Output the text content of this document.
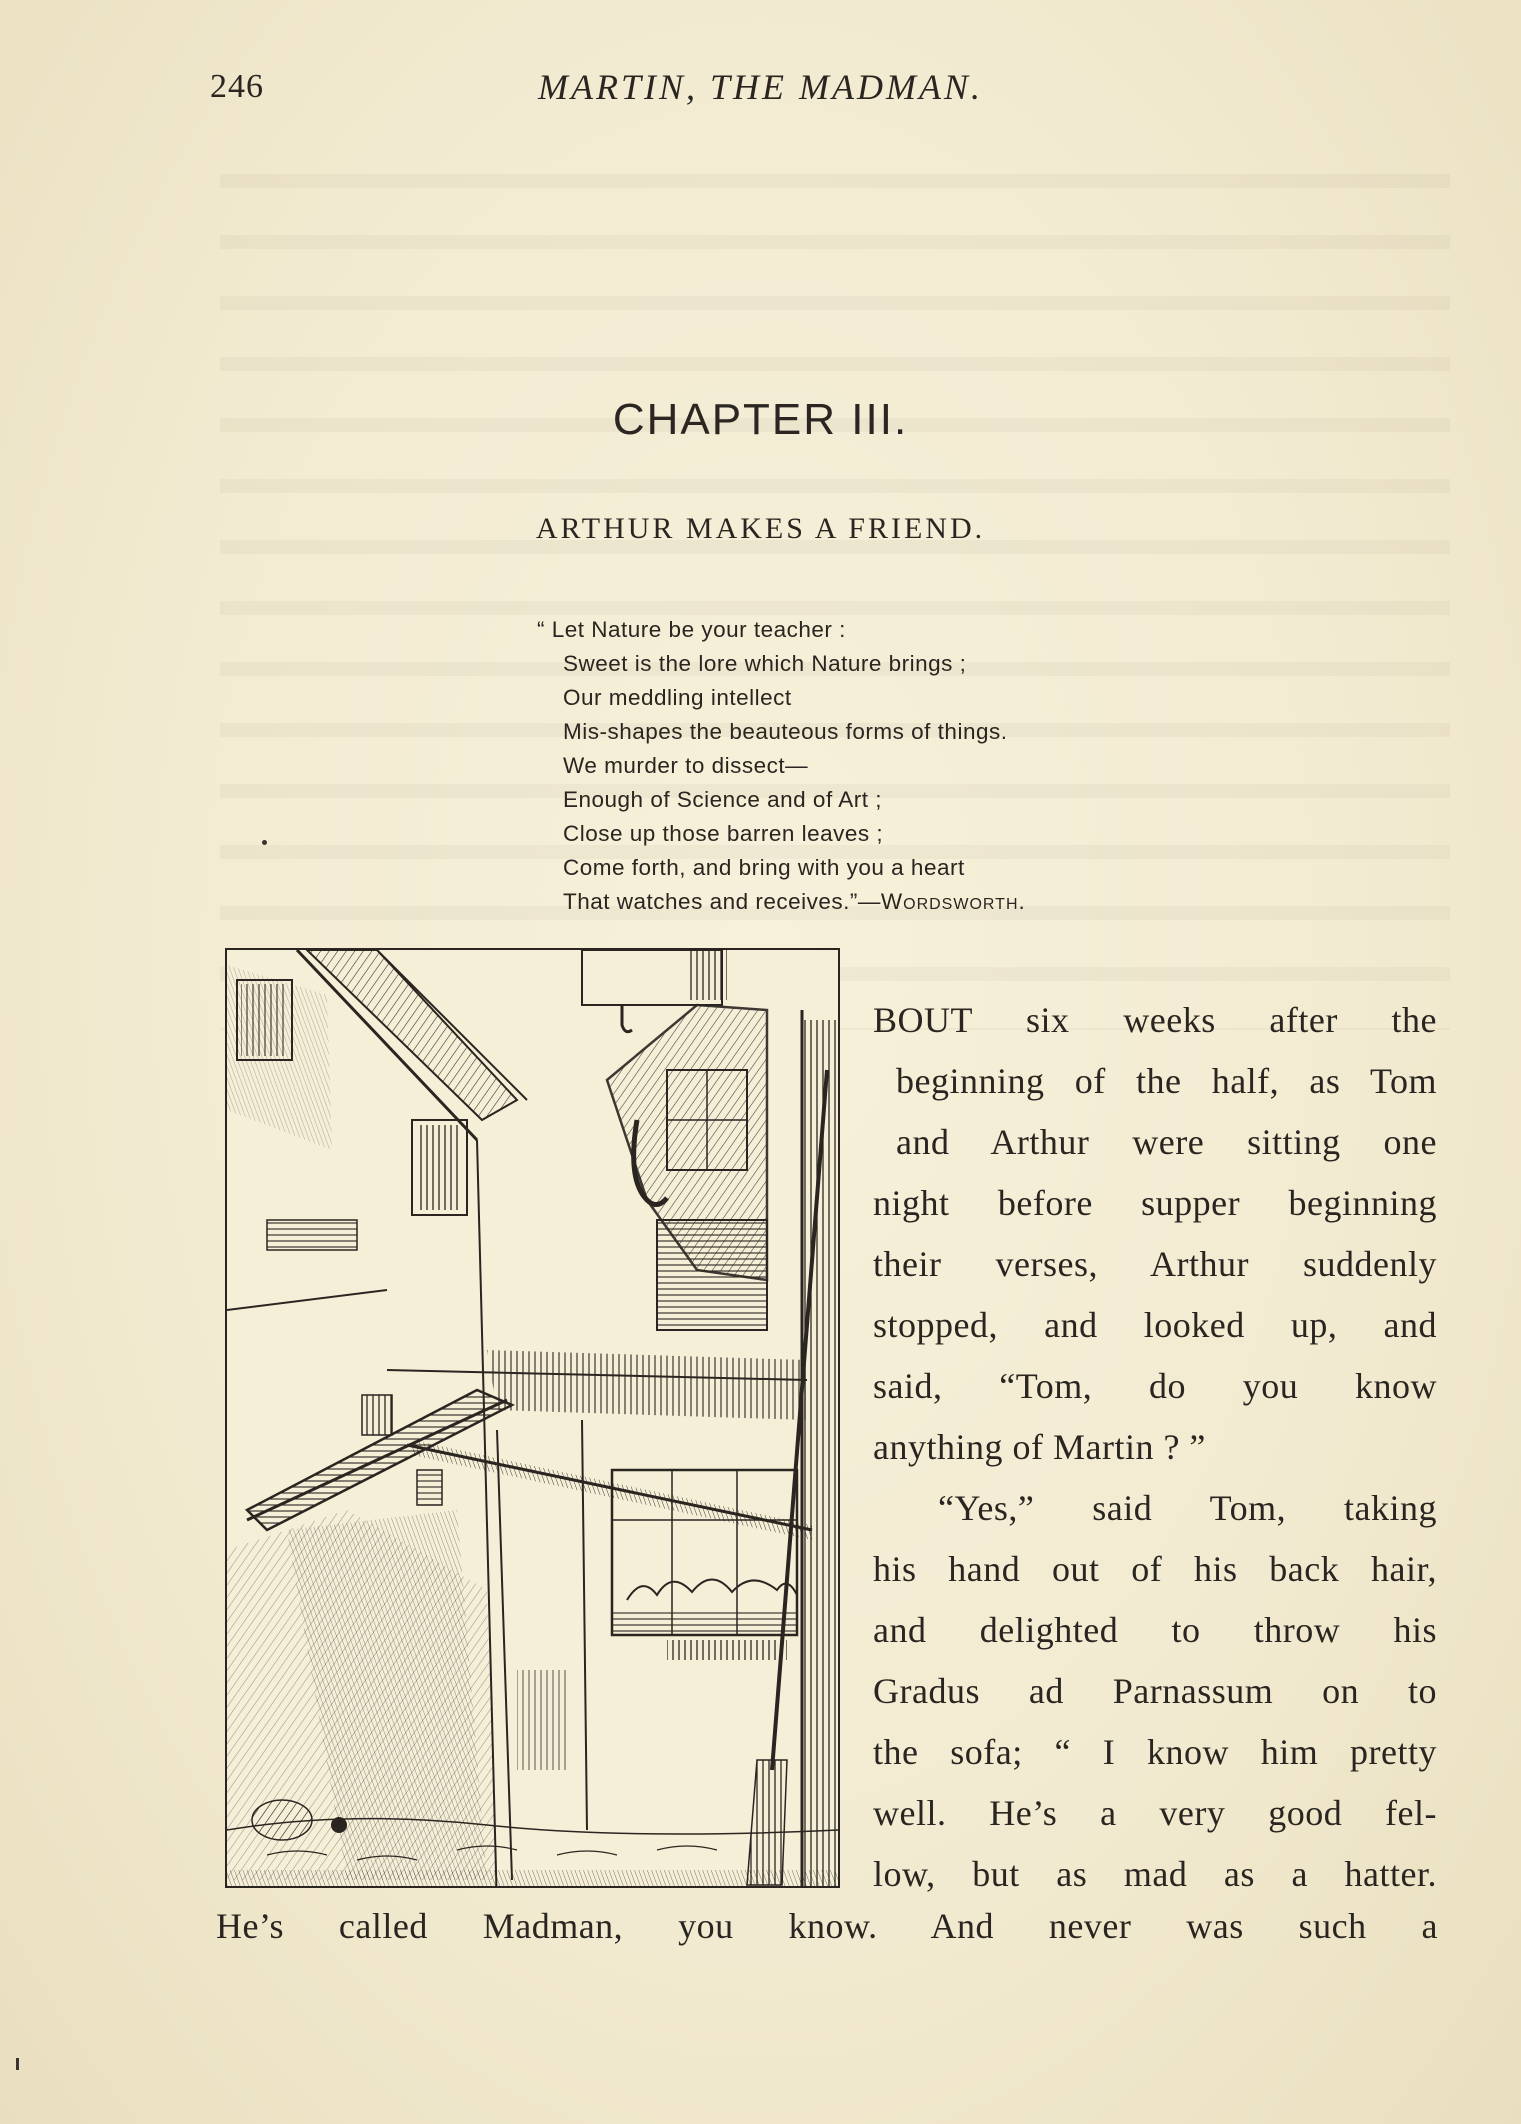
246	MARTIN, THE MADMAN.
CHAPTER III.
ARTHUR MAKES A FRIEND.
“ Let Nature be your teacher :
Sweet is the lore which Nature brings ;
Our meddling intellect
Mis-shapes the beauteous forms of things.
We murder to dissect—
Enough of Science and of Art ;
Close up those barren leaves ;
Come forth, and bring with you a heart
That watches and receives.”—Wordsworth.
BOUT six weeks after the
beginning of the half, as Tom
and Arthur were sitting one
night before supper beginning
their verses, Arthur suddenly
stopped, and looked up, and
said, “Tom, do you know
anything of Martin ? ”
“Yes,” said Tom, taking
his hand out of his back hair,
and delighted to throw his
Gradus ad Parnassum on to
the sofa; “ I know him pretty
well. He’s a very good fel-
low, but as mad as a hatter.
He’s called Madman, you know. And never was such a
